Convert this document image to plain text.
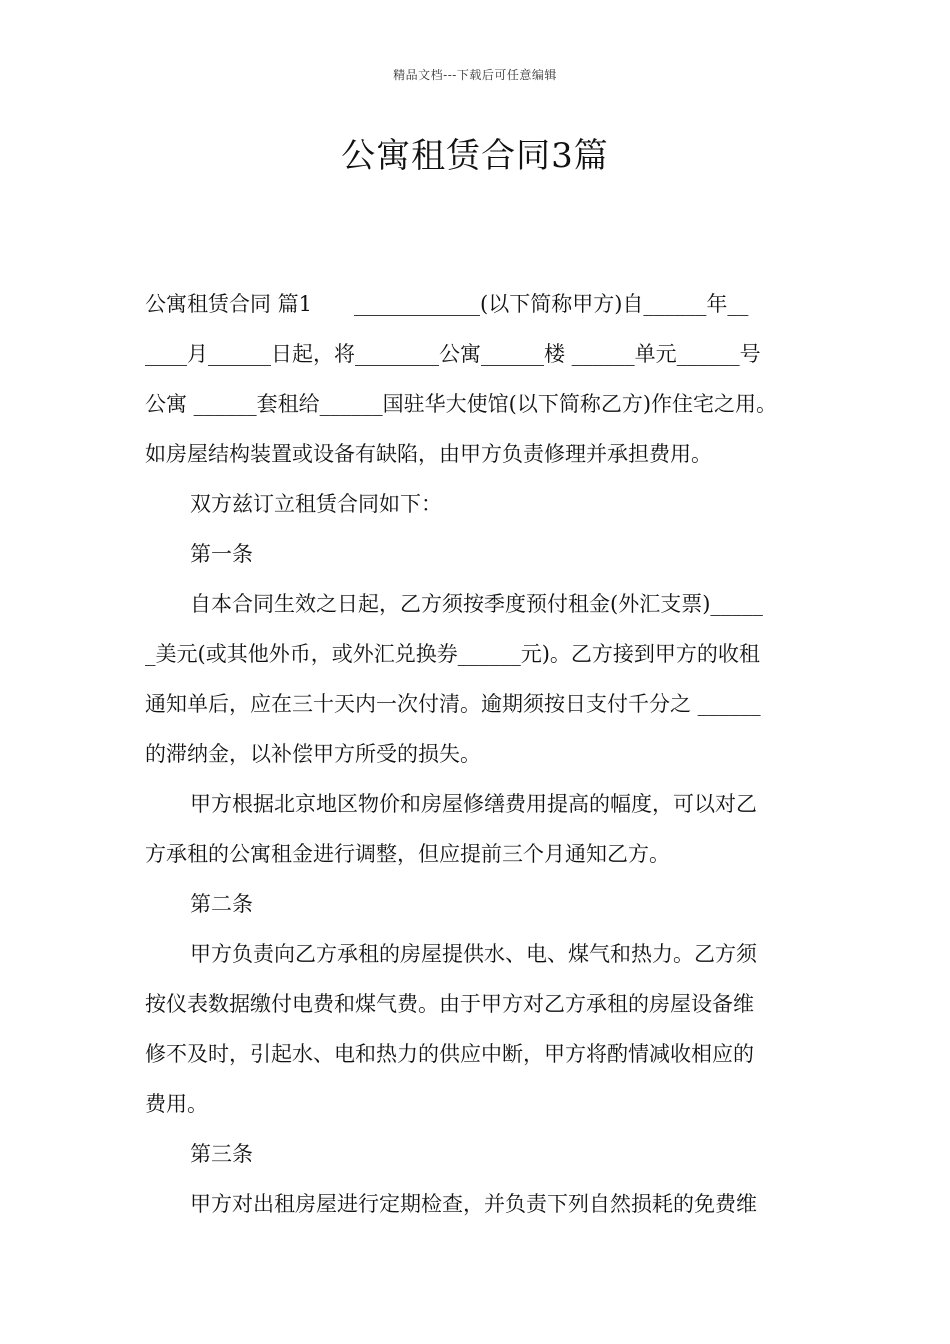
精品文档---下载后可任意编辑
公寓租赁合同3篇
公寓租赁合同 篇1　　____________(以下简称甲方)自______年__
____月______日起，将________公寓______楼 ______单元______号
公寓 ______套租给______国驻华大使馆(以下简称乙方)作住宅之用。
如房屋结构装置或设备有缺陷，由甲方负责修理并承担费用。
双方兹订立租赁合同如下：
第一条
自本合同生效之日起，乙方须按季度预付租金(外汇支票)_____
_美元(或其他外币，或外汇兑换券______元)。乙方接到甲方的收租
通知单后，应在三十天内一次付清。逾期须按日支付千分之 ______
的滞纳金，以补偿甲方所受的损失。
甲方根据北京地区物价和房屋修缮费用提高的幅度，可以对乙
方承租的公寓租金进行调整，但应提前三个月通知乙方。
第二条
甲方负责向乙方承租的房屋提供水、电、煤气和热力。乙方须
按仪表数据缴付电费和煤气费。由于甲方对乙方承租的房屋设备维
修不及时，引起水、电和热力的供应中断，甲方将酌情减收相应的
费用。
第三条
甲方对出租房屋进行定期检查，并负责下列自然损耗的免费维
